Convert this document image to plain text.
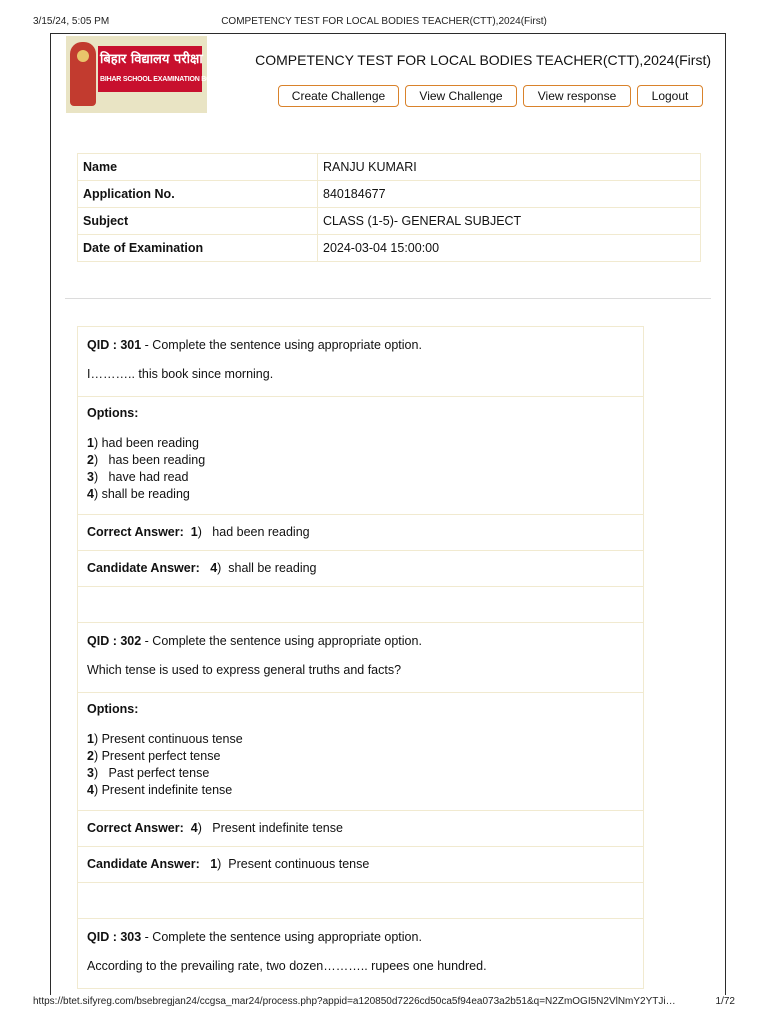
3/15/24, 5:05 PM	COMPETENCY TEST FOR LOCAL BODIES TEACHER(CTT),2024(First)
बिहार विद्यालय परीक्षा समिति
BIHAR SCHOOL EXAMINATION BOARD
COMPETENCY TEST FOR LOCAL BODIES TEACHER(CTT),2024(First)
Create Challenge	View Challenge	View response	Logout
Name	RANJU KUMARI
Application No.	840184677
Subject	CLASS (1-5)- GENERAL SUBJECT
Date of Examination	2024-03-04 15:00:00
QID : 301 - Complete the sentence using appropriate option.
I……….. this book since morning.
Options:
1) had been reading
2)   has been reading
3)   have had read
4) shall be reading
Correct Answer: 1)   had been reading
Candidate Answer: 4)  shall be reading
QID : 302 - Complete the sentence using appropriate option.
Which tense is used to express general truths and facts?
Options:
1) Present continuous tense
2) Present perfect tense
3)   Past perfect tense
4) Present indefinite tense
Correct Answer: 4)   Present indefinite tense
Candidate Answer: 1)  Present continuous tense
QID : 303 - Complete the sentence using appropriate option.
According to the prevailing rate, two dozen……….. rupees one hundred.
https://btet.sifyreg.com/bsebregjan24/ccgsa_mar24/process.php?appid=a120850d7226cd50ca5f94ea073a2b51&q=N2ZmOGI5N2VlNmY2YTJi…	1/72
